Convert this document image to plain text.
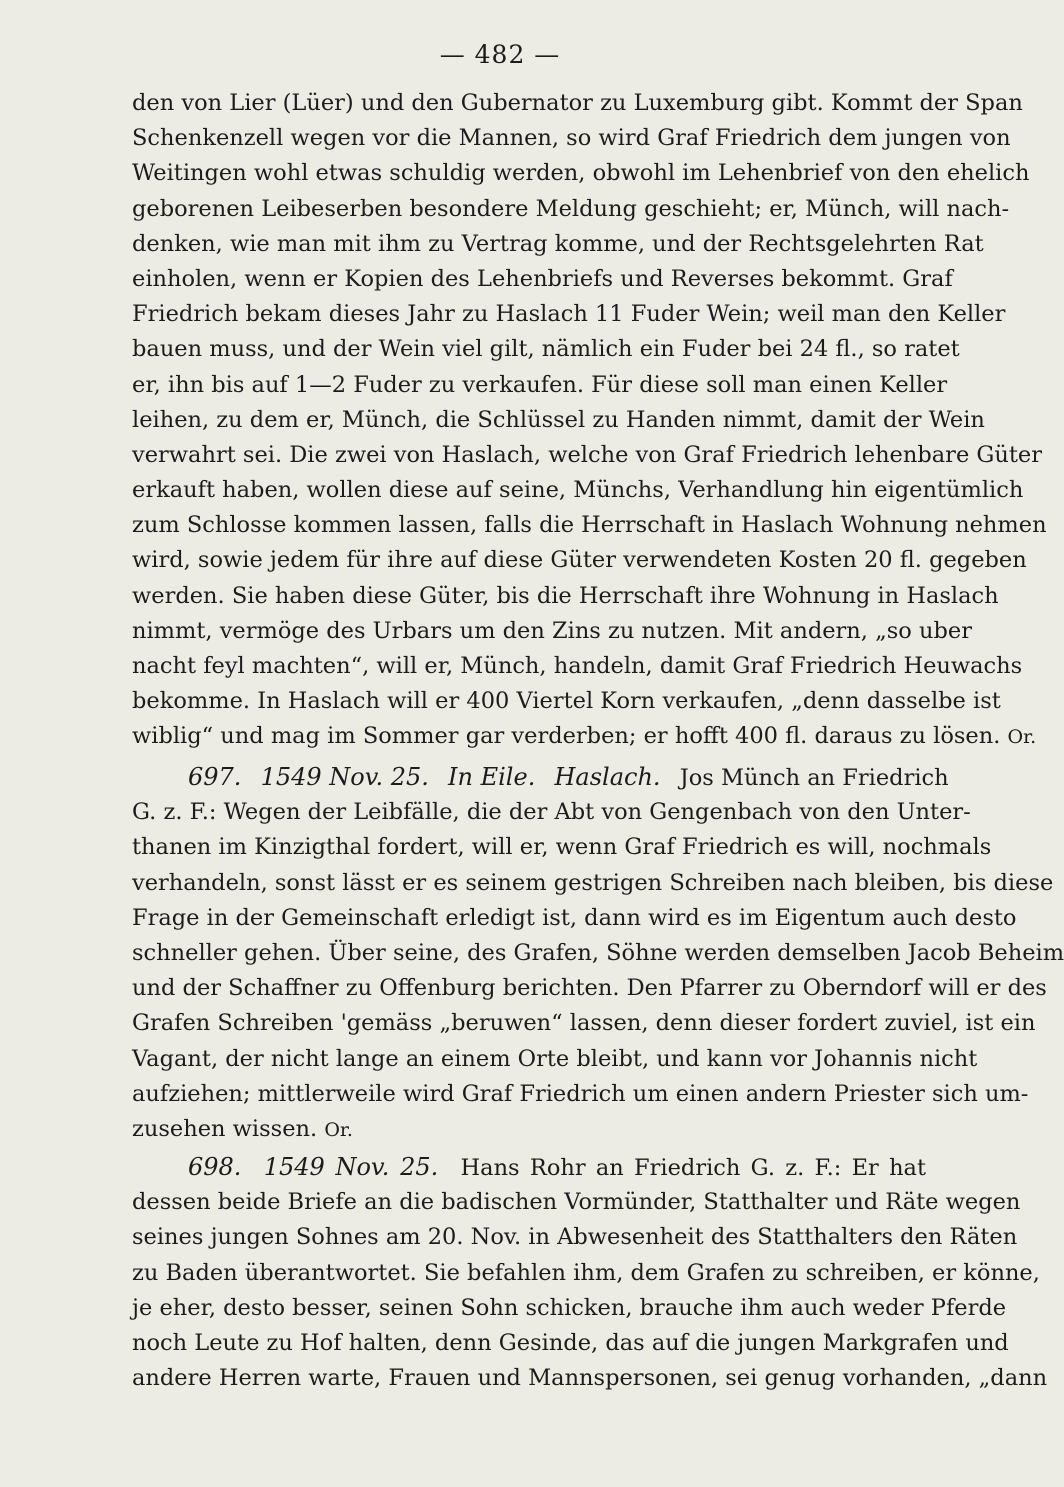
— 482 —
den von Lier (Lüer) und den Gubernator zu Luxemburg gibt. Kommt der Span
Schenkenzell wegen vor die Mannen, so wird Graf Friedrich dem jungen von
Weitingen wohl etwas schuldig werden, obwohl im Lehenbrief von den ehelich
geborenen Leibeserben besondere Meldung geschieht; er, Münch, will nach-
denken, wie man mit ihm zu Vertrag komme, und der Rechtsgelehrten Rat
einholen, wenn er Kopien des Lehenbriefs und Reverses bekommt. Graf
Friedrich bekam dieses Jahr zu Haslach 11 Fuder Wein; weil man den Keller
bauen muss, und der Wein viel gilt, nämlich ein Fuder bei 24 fl., so ratet
er, ihn bis auf 1—2 Fuder zu verkaufen. Für diese soll man einen Keller
leihen, zu dem er, Münch, die Schlüssel zu Handen nimmt, damit der Wein
verwahrt sei. Die zwei von Haslach, welche von Graf Friedrich lehenbare Güter
erkauft haben, wollen diese auf seine, Münchs, Verhandlung hin eigentümlich
zum Schlosse kommen lassen, falls die Herrschaft in Haslach Wohnung nehmen
wird, sowie jedem für ihre auf diese Güter verwendeten Kosten 20 fl. gegeben
werden. Sie haben diese Güter, bis die Herrschaft ihre Wohnung in Haslach
nimmt, vermöge des Urbars um den Zins zu nutzen. Mit andern, „so uber
nacht feyl machten“, will er, Münch, handeln, damit Graf Friedrich Heuwachs
bekomme. In Haslach will er 400 Viertel Korn verkaufen, „denn dasselbe ist
wiblig“ und mag im Sommer gar verderben; er hofft 400 fl. daraus zu lösen. Or.
697. 1549 Nov. 25. In Eile. Haslach. Jos Münch an Friedrich
G. z. F.: Wegen der Leibfälle, die der Abt von Gengenbach von den Unter-
thanen im Kinzigthal fordert, will er, wenn Graf Friedrich es will, nochmals
verhandeln, sonst lässt er es seinem gestrigen Schreiben nach bleiben, bis diese
Frage in der Gemeinschaft erledigt ist, dann wird es im Eigentum auch desto
schneller gehen. Über seine, des Grafen, Söhne werden demselben Jacob Beheim
und der Schaffner zu Offenburg berichten. Den Pfarrer zu Oberndorf will er des
Grafen Schreiben 'gemäss „beruwen“ lassen, denn dieser fordert zuviel, ist ein
Vagant, der nicht lange an einem Orte bleibt, und kann vor Johannis nicht
aufziehen; mittlerweile wird Graf Friedrich um einen andern Priester sich um-
zusehen wissen. Or.
698. 1549 Nov. 25. Hans Rohr an Friedrich G. z. F.: Er hat
dessen beide Briefe an die badischen Vormünder, Statthalter und Räte wegen
seines jungen Sohnes am 20. Nov. in Abwesenheit des Statthalters den Räten
zu Baden überantwortet. Sie befahlen ihm, dem Grafen zu schreiben, er könne,
je eher, desto besser, seinen Sohn schicken, brauche ihm auch weder Pferde
noch Leute zu Hof halten, denn Gesinde, das auf die jungen Markgrafen und
andere Herren warte, Frauen und Mannspersonen, sei genug vorhanden, „dann
